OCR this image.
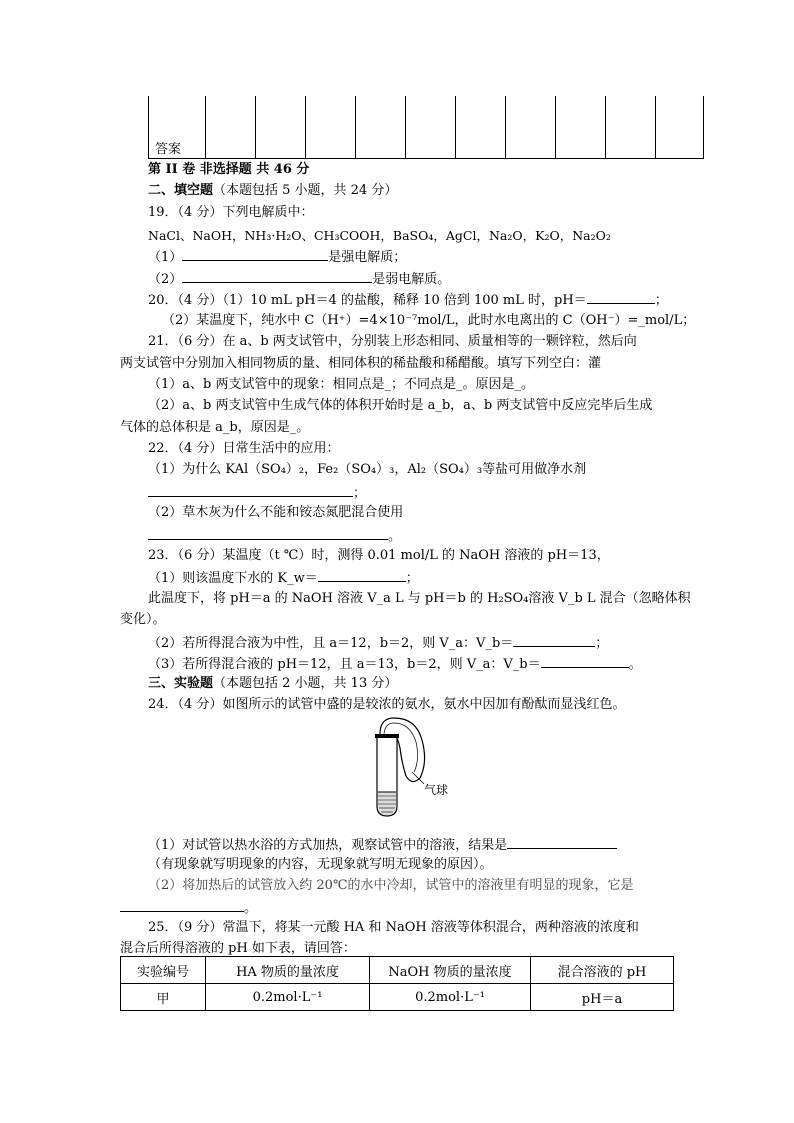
答案										
第 II 卷 非选择题 共 46 分
二、填空题（本题包括 5 小题，共 24 分）
19．（4 分）下列电解质中：
NaCl、NaOH，NH₃·H₂O、CH₃COOH，BaSO₄，AgCl，Na₂O，K₂O，Na₂O₂
（1）	是强电解质；
（2）	是弱电解质。
20．（4 分）（1）10 mL pH＝4 的盐酸，稀释 10 倍到 100 mL 时，pH＝	；
（2）某温度下，纯水中 C（H⁺）=4×10⁻⁷mol/L，此时水电离出的 C（OH⁻）=_mol/L；
21．（6 分）在 a、b 两支试管中，分别装上形态相同、质量相等的一颗锌粒，然后向
两支试管中分别加入相同物质的量、相同体积的稀盐酸和稀醋酸。填写下列空白：灌
（1）a、b 两支试管中的现象：相同点是_；不同点是_。原因是_。
（2）a、b 两支试管中生成气体的体积开始时是 a_b，a、b 两支试管中反应完毕后生成
气体的总体积是 a_b，原因是_。
22．（4 分）日常生活中的应用：
（1）为什么 KAl（SO₄）₂，Fe₂（SO₄）₃，Al₂（SO₄）₃等盐可用做净水剂
；
（2）草木灰为什么不能和铵态氮肥混合使用
。
23．（6 分）某温度（t ℃）时，测得 0.01 mol/L 的 NaOH 溶液的 pH＝13，
（1）则该温度下水的 K_w＝	；
此温度下，将 pH＝a 的 NaOH 溶液 V_a L 与 pH＝b 的 H₂SO₄溶液 V_b L 混合（忽略体积
变化）。
（2）若所得混合液为中性，且 a＝12，b＝2，则 V_a：V_b＝	；
（3）若所得混合液的 pH＝12，且 a＝13，b＝2，则 V_a：V_b＝	。
三、实验题（本题包括 2 小题，共 13 分）
24．（4 分）如图所示的试管中盛的是较浓的氨水，氨水中因加有酚酞而显浅红色。
气球
（1）对试管以热水浴的方式加热，观察试管中的溶液，结果是
（有现象就写明现象的内容，无现象就写明无现象的原因）。
（2）将加热后的试管放入约 20℃的水中冷却，试管中的溶液里有明显的现象，它是
。
25．（9 分）常温下，将某一元酸 HA 和 NaOH 溶液等体积混合，两种溶液的浓度和
混合后所得溶液的 pH 如下表，请回答：
实验编号	HA 物质的量浓度	NaOH 物质的量浓度	混合溶液的 pH
甲	0.2mol·L⁻¹	0.2mol·L⁻¹	pH＝a
